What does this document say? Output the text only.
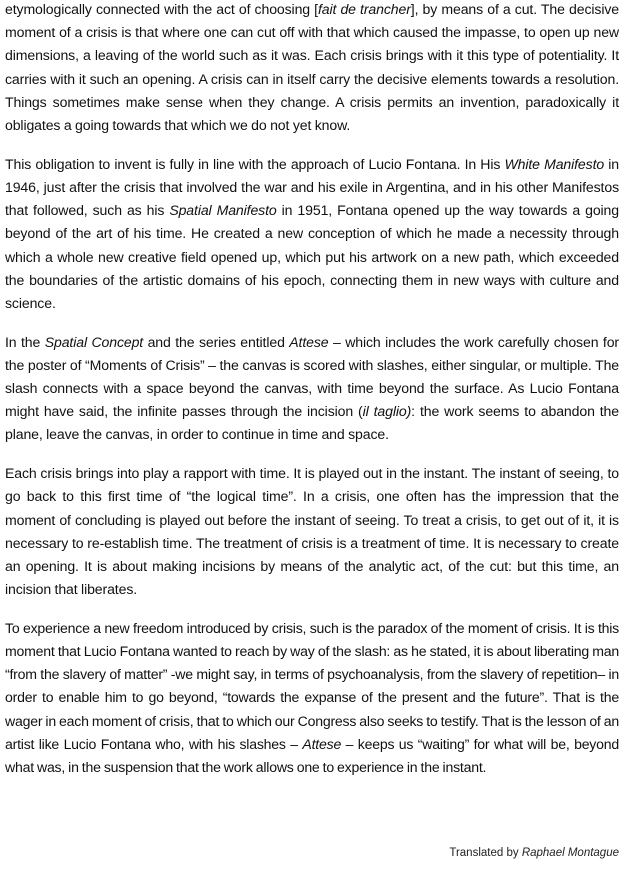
etymologically connected with the act of choosing [fait de trancher], by means of a cut. The decisive moment of a crisis is that where one can cut off with that which caused the impasse, to open up new dimensions, a leaving of the world such as it was. Each crisis brings with it this type of potentiality. It carries with it such an opening. A crisis can in itself carry the decisive elements towards a resolution. Things sometimes make sense when they change. A crisis permits an invention, paradoxically it obligates a going towards that which we do not yet know.

This obligation to invent is fully in line with the approach of Lucio Fontana. In His White Manifesto in 1946, just after the crisis that involved the war and his exile in Argentina, and in his other Manifestos that followed, such as his Spatial Manifesto in 1951, Fontana opened up the way towards a going beyond of the art of his time. He created a new conception of which he made a necessity through which a whole new creative field opened up, which put his artwork on a new path, which exceeded the boundaries of the artistic domains of his epoch, connecting them in new ways with culture and science.

In the Spatial Concept and the series entitled Attese – which includes the work carefully chosen for the poster of “Moments of Crisis” – the canvas is scored with slashes, either singular, or multiple. The slash connects with a space beyond the canvas, with time beyond the surface. As Lucio Fontana might have said, the infinite passes through the incision (il taglio): the work seems to abandon the plane, leave the canvas, in order to continue in time and space.

Each crisis brings into play a rapport with time. It is played out in the instant. The instant of seeing, to go back to this first time of “the logical time”. In a crisis, one often has the impression that the moment of concluding is played out before the instant of seeing. To treat a crisis, to get out of it, it is necessary to re-establish time. The treatment of crisis is a treatment of time. It is necessary to create an opening. It is about making incisions by means of the analytic act, of the cut: but this time, an incision that liberates.

To experience a new freedom introduced by crisis, such is the paradox of the moment of crisis. It is this moment that Lucio Fontana wanted to reach by way of the slash: as he stated, it is about liberating man “from the slavery of matter” -we might say, in terms of psychoanalysis, from the slavery of repetition– in order to enable him to go beyond, “towards the expanse of the present and the future”. That is the wager in each moment of crisis, that to which our Congress also seeks to testify. That is the lesson of an artist like Lucio Fontana who, with his slashes – Attese – keeps us “waiting” for what will be, beyond what was, in the suspension that the work allows one to experience in the instant.

Translated by Raphael Montague
